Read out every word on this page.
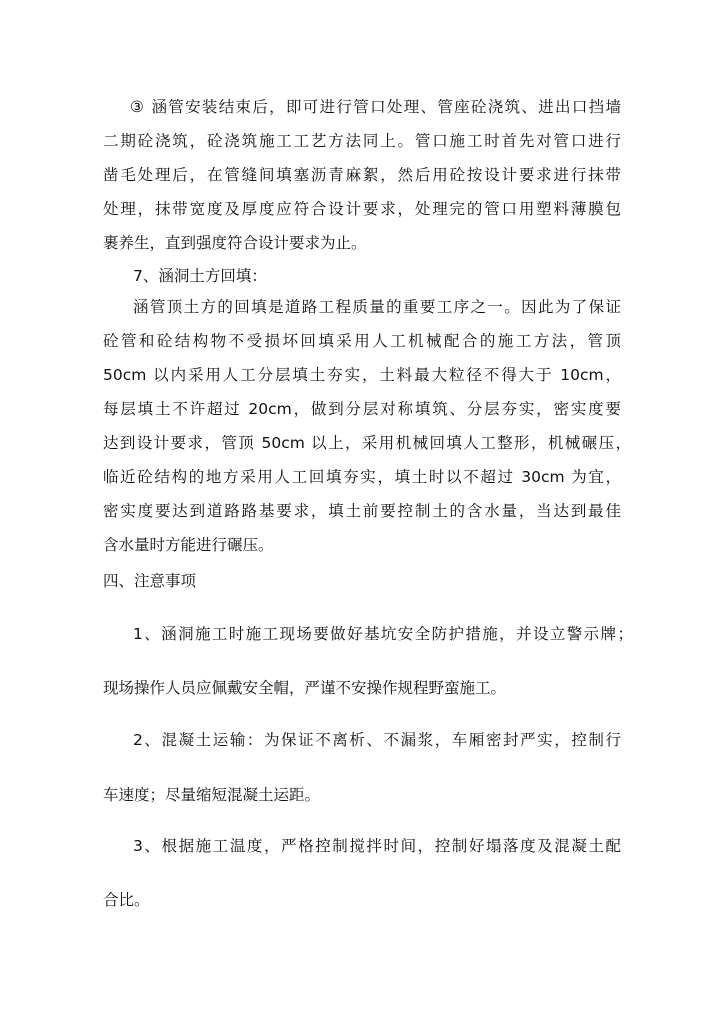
③ 涵管安装结束后，即可进行管口处理、管座砼浇筑、进出口挡墙
二期砼浇筑，砼浇筑施工工艺方法同上。管口施工时首先对管口进行
凿毛处理后，在管缝间填塞沥青麻絮，然后用砼按设计要求进行抹带
处理，抹带宽度及厚度应符合设计要求，处理完的管口用塑料薄膜包
裹养生，直到强度符合设计要求为止。
7、涵洞土方回填：
涵管顶土方的回填是道路工程质量的重要工序之一。因此为了保证
砼管和砼结构物不受损坏回填采用人工机械配合的施工方法，管顶
50cm 以内采用人工分层填土夯实，土料最大粒径不得大于 10cm，
每层填土不许超过 20cm，做到分层对称填筑、分层夯实，密实度要
达到设计要求，管顶 50cm 以上，采用机械回填人工整形，机械碾压，
临近砼结构的地方采用人工回填夯实，填土时以不超过 30cm 为宜，
密实度要达到道路路基要求，填土前要控制土的含水量，当达到最佳
含水量时方能进行碾压。
四、注意事项
1、涵洞施工时施工现场要做好基坑安全防护措施，并设立警示牌；
现场操作人员应佩戴安全帽，严谨不安操作规程野蛮施工。
2、混凝土运输：为保证不离析、不漏浆，车厢密封严实，控制行
车速度；尽量缩短混凝土运距。
3、根据施工温度，严格控制搅拌时间，控制好塌落度及混凝土配
合比。
